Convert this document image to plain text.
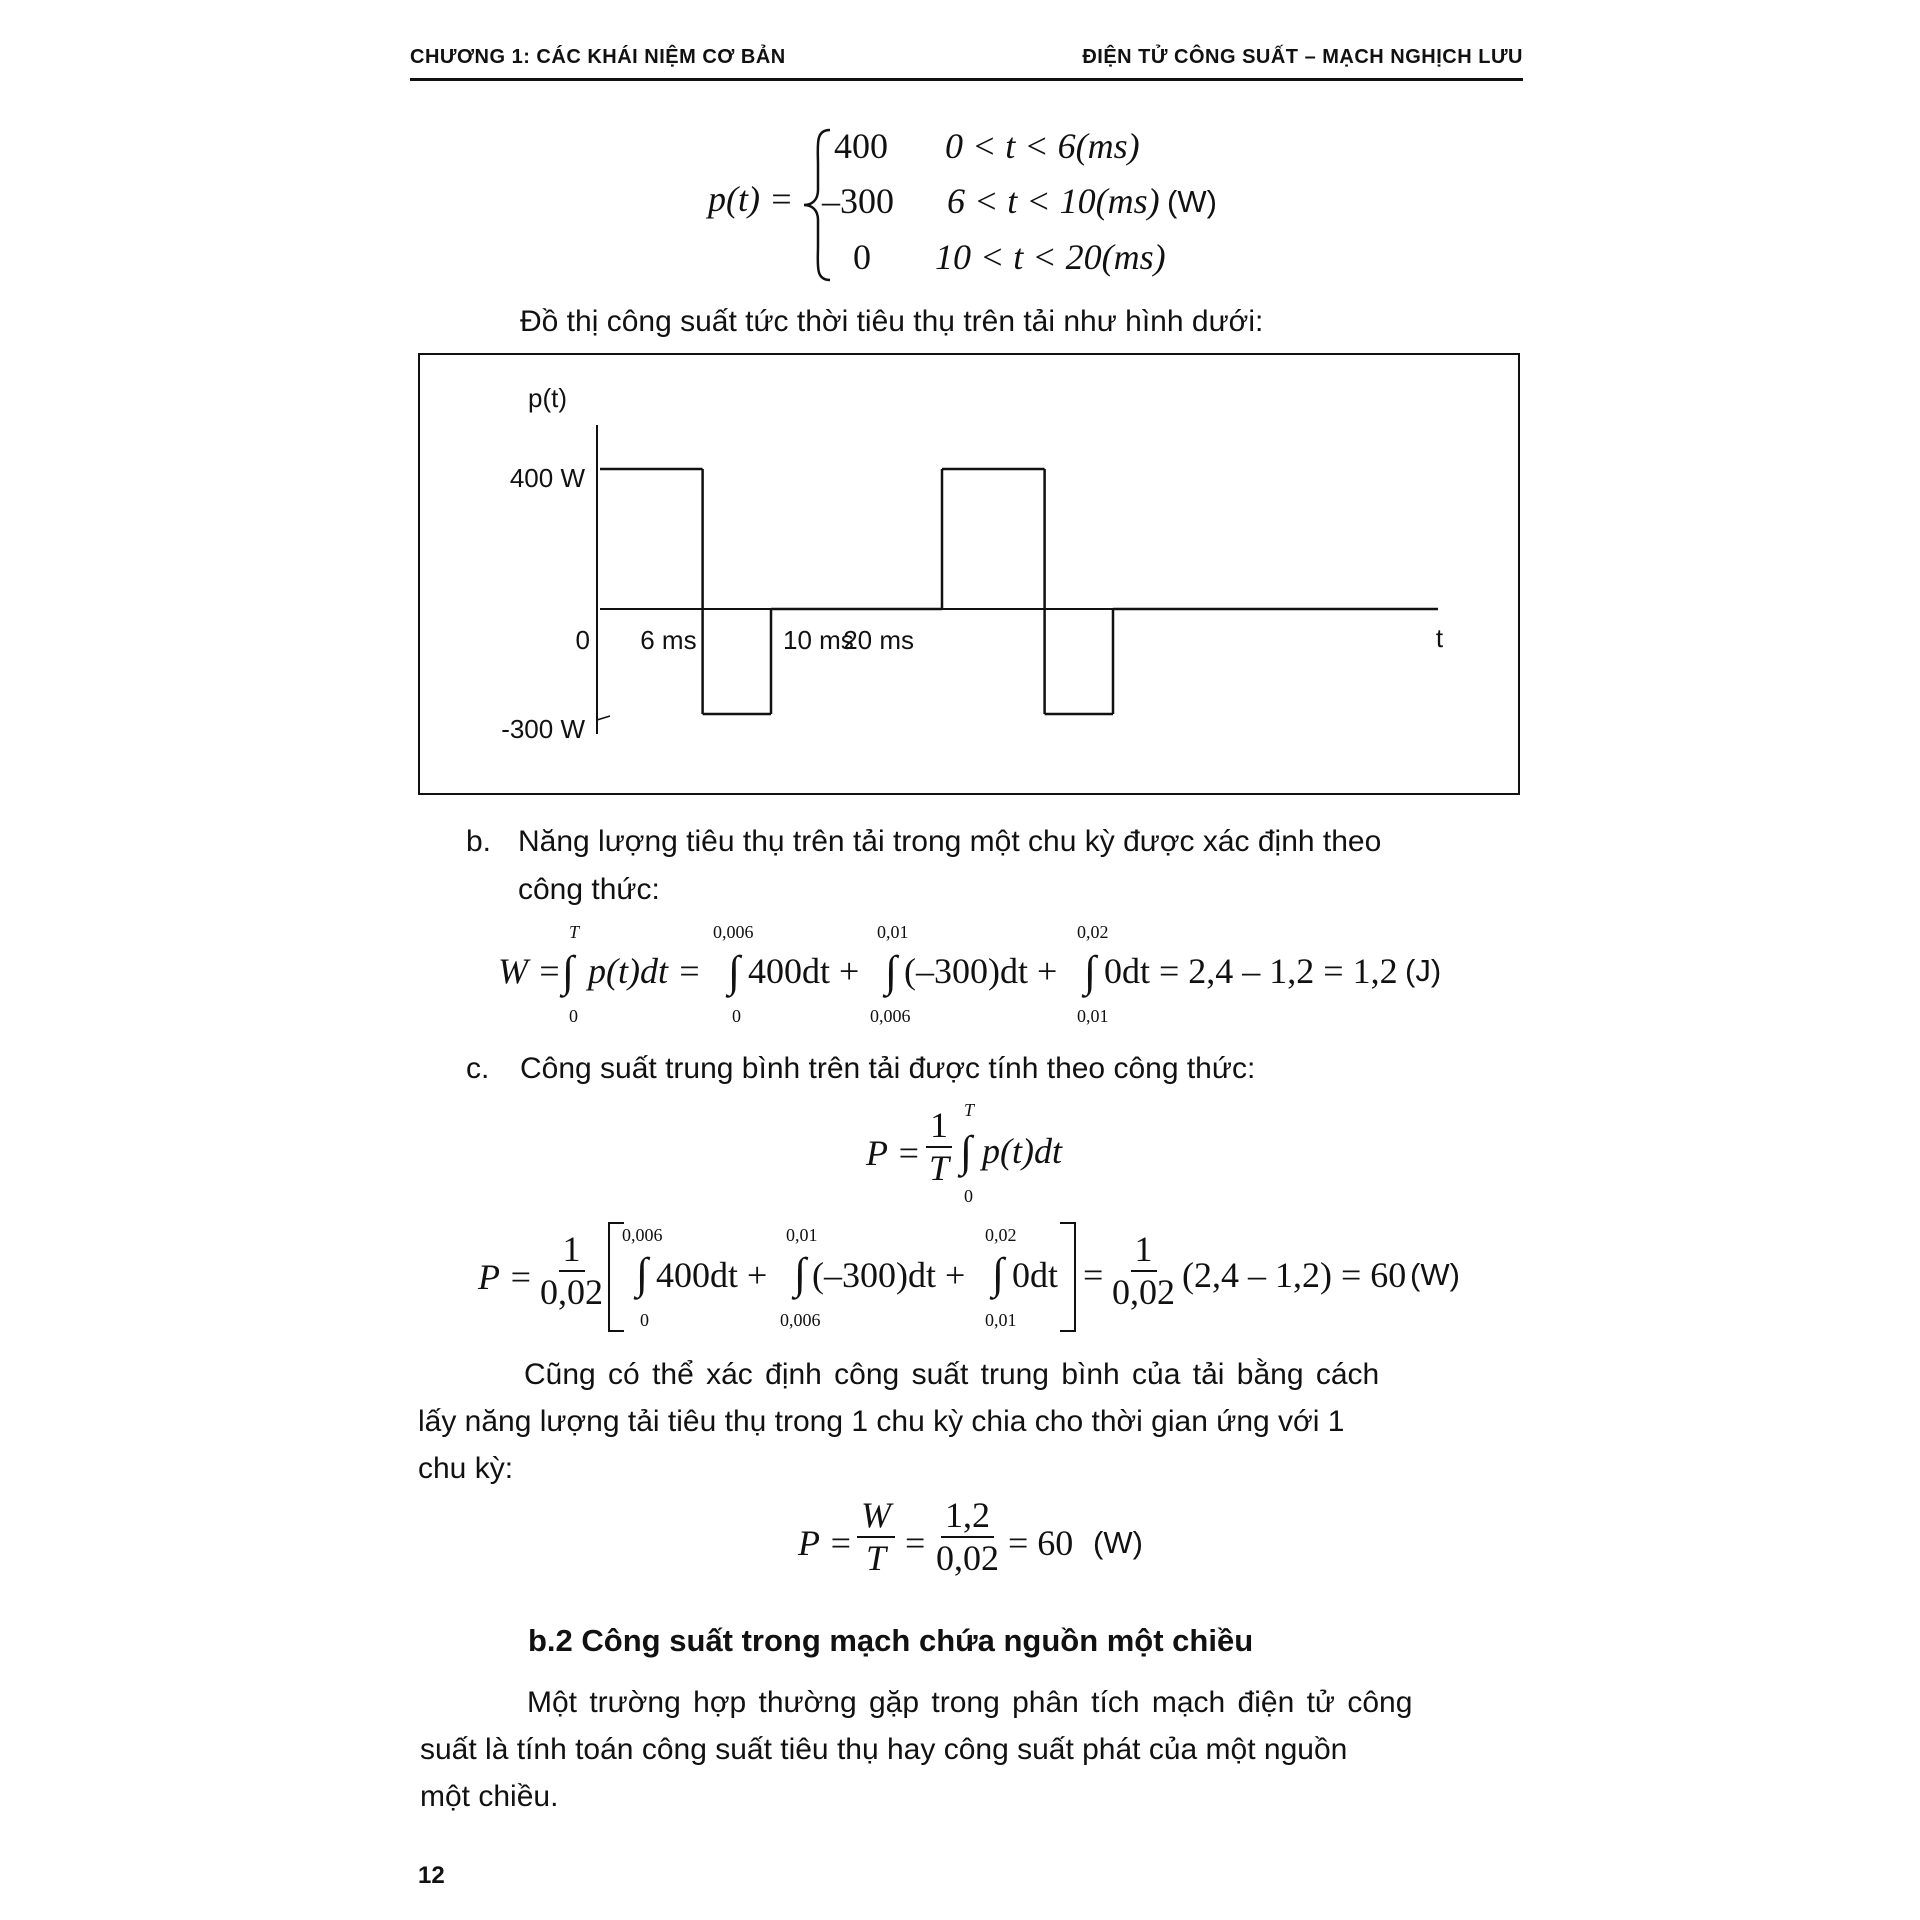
CHƯƠNG 1: CÁC KHÁI NIỆM CƠ BẢN	ĐIỆN TỬ CÔNG SUẤT – MẠCH NGHỊCH LƯU
p(t) =
400 0 < t < 6(ms)
–300 6 < t < 10(ms)
0 10 < t < 20(ms)
(W)
Đồ thị công suất tức thời tiêu thụ trên tải như hình dưới:
p(t)
400 W
0
-300 W
6 ms	10 ms
20 ms	t
b. Năng lượng tiêu thụ trên tải trong một chu kỳ được xác định theo
công thức:
W =
T
∫
0
p(t)dt =
0,006
∫
0
400dt +
0,01
∫
0,006
(–300)dt +
0,02
∫
0,01
0dt = 2,4 – 1,2 = 1,2 (J)
c. Công suất trung bình trên tải được tính theo công thức:
$P = \frac{1}{T}$ T
∫
0
p(t)dt
$P = \frac{1}{0,02} 0,006$
∫
0
400dt +
0,01
∫
0,006
(–300)dt +
0,02
∫
0,01
$0dt = \frac{1}{0,02} (2,4 - 1,2) = 60$ (W)
Cũng có thể xác định công suất trung bình của tải bằng cách
lấy năng lượng tải tiêu thụ trong 1 chu kỳ chia cho thời gian ứng với 1
chu kỳ:
$P = \frac{W}{T} = \frac{1,2}{0,02} = 60$ (W)
b.2 Công suất trong mạch chứa nguồn một chiều
Một trường hợp thường gặp trong phân tích mạch điện tử công
suất là tính toán công suất tiêu thụ hay công suất phát của một nguồn
một chiều.
12
